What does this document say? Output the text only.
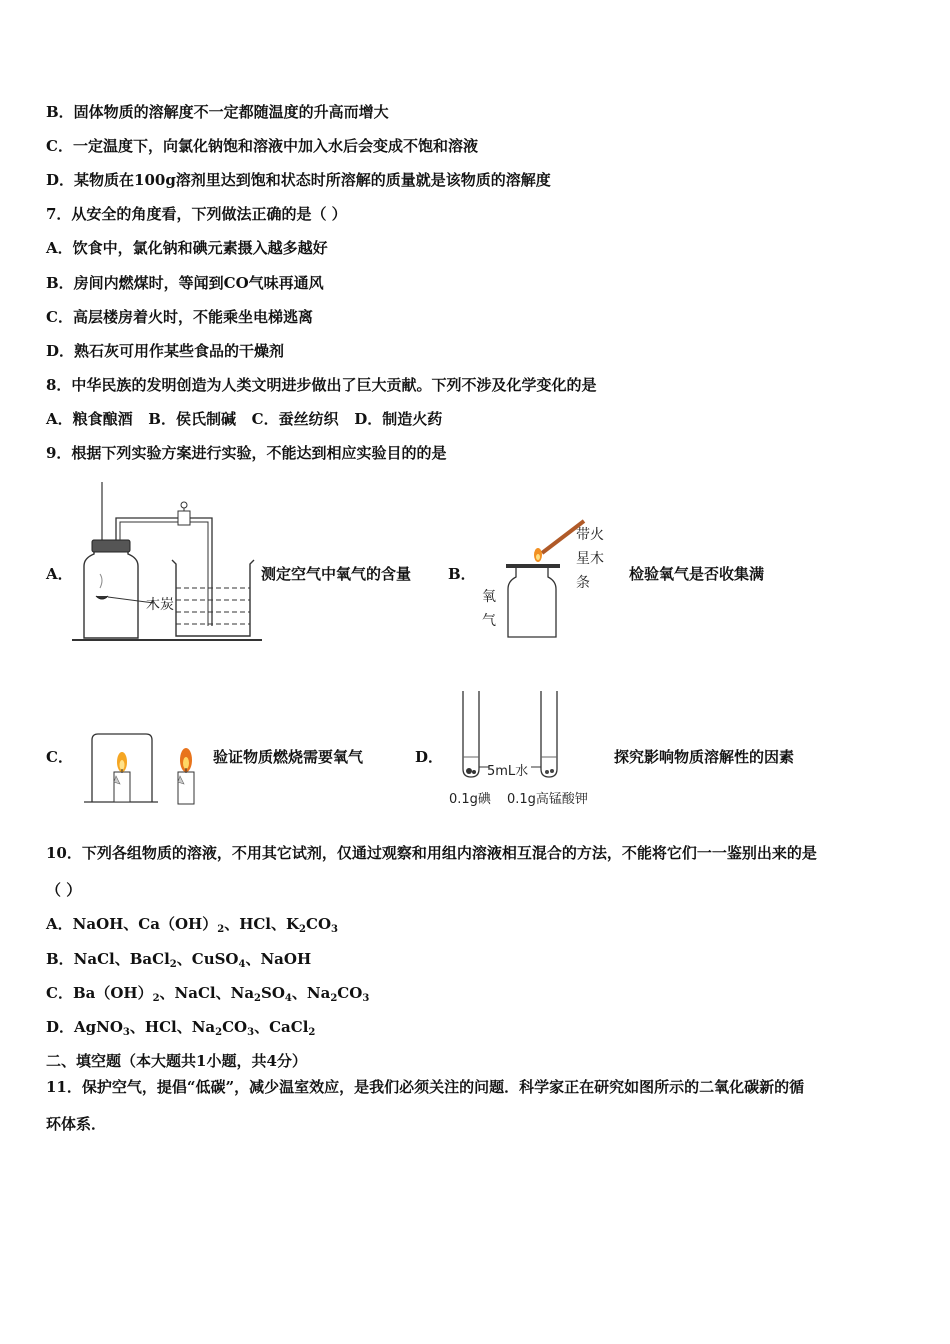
B．固体物质的溶解度不一定都随温度的升高而增大
C．一定温度下，向氯化钠饱和溶液中加入水后会变成不饱和溶液
D．某物质在100g溶剂里达到饱和状态时所溶解的质量就是该物质的溶解度
7．从安全的角度看，下列做法正确的是（ ）
A．饮食中，氯化钠和碘元素摄入越多越好
B．房间内燃煤时，等闻到CO气味再通风
C．高层楼房着火时，不能乘坐电梯逃离
D．熟石灰可用作某些食品的干燥剂
8．中华民族的发明创造为人类文明进步做出了巨大贡献。下列不涉及化学变化的是
A．粮食酿酒   B．侯氏制碱   C．蚕丝纺织   D．制造火药
9．根据下列实验方案进行实验，不能达到相应实验目的的是
A．
木炭
测定空气中氧气的含量 B．
带火
星木
条
氧
气
检验氧气是否收集满
C．	验证物质燃烧需要氧气	D．
5mL水
0.1g碘 0.1g高锰酸钾
探究影响物质溶解性的因素
10．下列各组物质的溶液，不用其它试剂，仅通过观察和用组内溶液相互混合的方法，不能将它们一一鉴别出来的是
（ ）
A．NaOH、$Ca(OH)_2$、HCl、$K_2CO_3$
B．NaCl、BaCl$_2$、CuSO$_4$、NaOH
C．$Ba(OH)_2$、NaCl、$Na_2SO_4$、$Na_2CO_3$
D．AgNO$_3$、HCl、$Na_2CO_3$、CaCl$_2$
二、填空题（本大题共1小题，共4分）
11．保护空气，提倡“低碳”，减少温室效应，是我们必须关注的问题．科学家正在研究如图所示的二氧化碳新的循
环体系．
